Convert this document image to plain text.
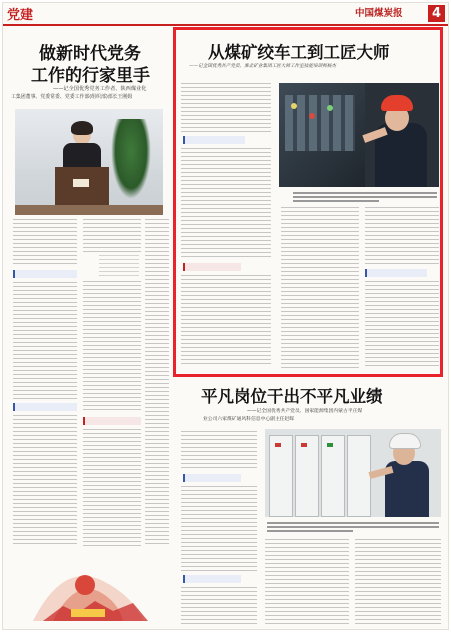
党建	中国煤炭报	4
做新时代党务
工作的行家里手

——记全国优秀党务工作者、陕西煤业化

工集团董事、党委常委、党委工作部(组织部)部长王刚姆

从煤矿绞车工到工匠大师

——记全国优秀共产党员、淮北矿业集团工匠大师工作室技能培训师杨杰

平凡岗位干出不平凡业绩

——记全国优秀共产党员、国家能源集团内蒙古平庄煤

业公司六家煤矿通风科信息中心副主任赵晖
